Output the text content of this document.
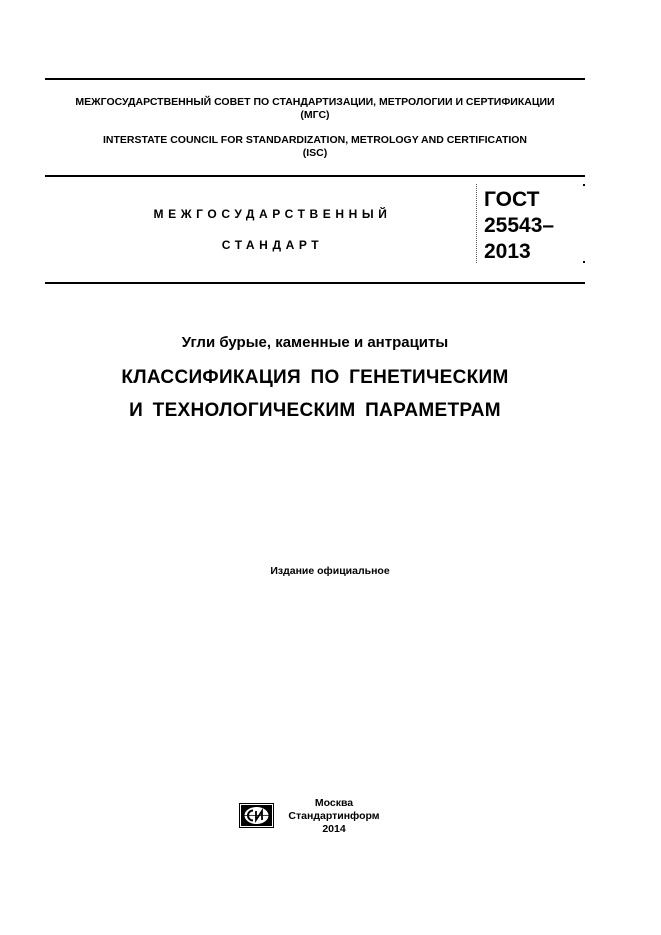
МЕЖГОСУДАРСТВЕННЫЙ СОВЕТ ПО СТАНДАРТИЗАЦИИ, МЕТРОЛОГИИ И СЕРТИФИКАЦИИ
(МГС)
INTERSTATE COUNCIL FOR STANDARDIZATION, METROLOGY AND CERTIFICATION
(ISC)
МЕЖГОСУДАРСТВЕННЫЙ
СТАНДАРТ
ГОСТ
25543–
2013
Угли бурые, каменные и антрациты
КЛАССИФИКАЦИЯ ПО ГЕНЕТИЧЕСКИМ
И ТЕХНОЛОГИЧЕСКИМ ПАРАМЕТРАМ
Издание официальное
Москва
Стандартинформ
2014
